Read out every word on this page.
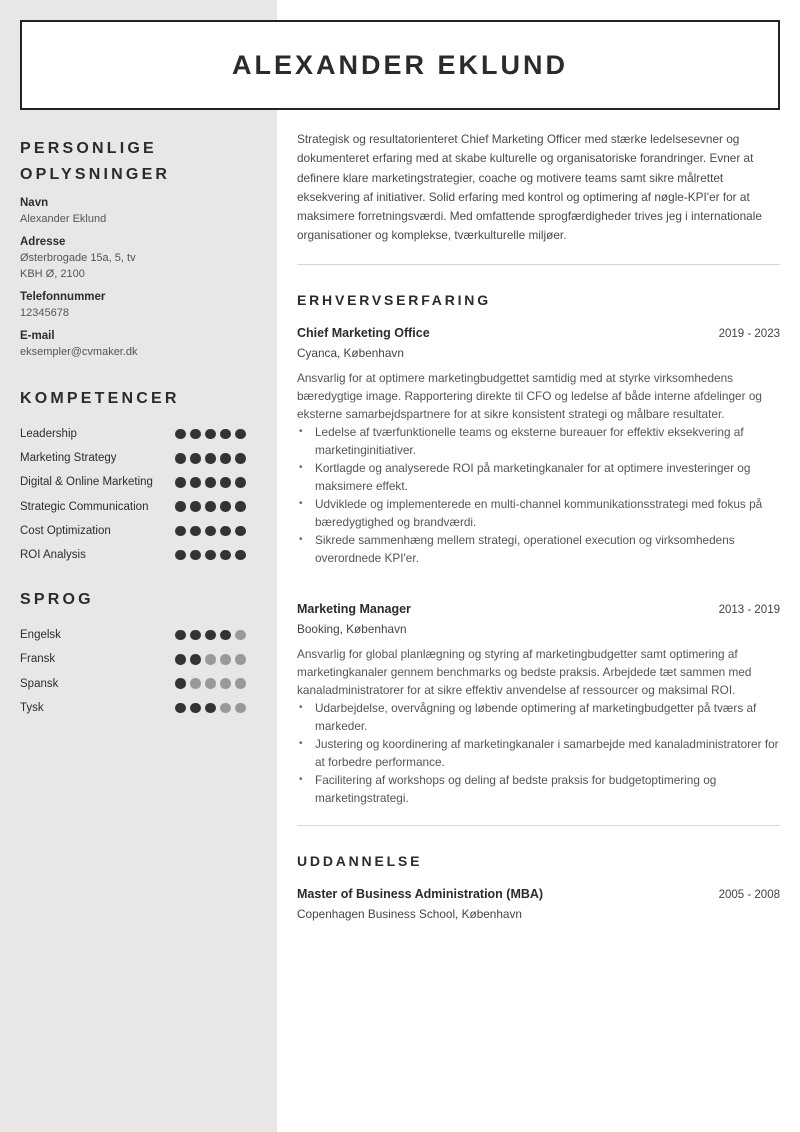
ALEXANDER EKLUND
PERSONLIGE
OPLYSNINGER
Navn
Alexander Eklund
Adresse
Østerbrogade 15a, 5, tv
KBH Ø, 2100
Telefonnummer
12345678
E-mail
eksempler@cvmaker.dk
KOMPETENCER
Leadership
Marketing Strategy
Digital & Online Marketing
Strategic Communication
Cost Optimization
ROI Analysis
SPROG
Engelsk
Fransk
Spansk
Tysk

Strategisk og resultatorienteret Chief Marketing Officer med stærke ledelsesevner og dokumenteret erfaring med at skabe kulturelle og organisatoriske forandringer. Evner at definere klare marketingstrategier, coache og motivere teams samt sikre målrettet eksekvering af initiativer. Solid erfaring med kontrol og optimering af nøgle-KPI'er for at maksimere forretningsværdi. Med omfattende sprogfærdigheder trives jeg i internationale organisationer og komplekse, tværkulturelle miljøer.

ERHVERVSERFARING
Chief Marketing Office	2019 - 2023
Cyanca, København

Ansvarlig for at optimere marketingbudgettet samtidig med at styrke virksomhedens bæredygtige image. Rapportering direkte til CFO og ledelse af både interne afdelinger og eksterne samarbejdspartnere for at sikre konsistent strategi og målbare resultater.

• Ledelse af tværfunktionelle teams og eksterne bureauer for effektiv eksekvering af marketinginitiativer.
• Kortlagde og analyserede ROI på marketingkanaler for at optimere investeringer og maksimere effekt.
• Udviklede og implementerede en multi-channel kommunikationsstrategi med fokus på bæredygtighed og brandværdi.
• Sikrede sammenhæng mellem strategi, operationel execution og virksomhedens overordnede KPI'er.
Marketing Manager	2013 - 2019
Booking, København

Ansvarlig for global planlægning og styring af marketingbudgetter samt optimering af marketingkanaler gennem benchmarks og bedste praksis. Arbejdede tæt sammen med kanaladministratorer for at sikre effektiv anvendelse af ressourcer og maksimal ROI.

• Udarbejdelse, overvågning og løbende optimering af marketingbudgetter på tværs af markeder.
• Justering og koordinering af marketingkanaler i samarbejde med kanaladministratorer for at forbedre performance.
• Facilitering af workshops og deling af bedste praksis for budgetoptimering og marketingstrategi.
UDDANNELSE
Master of Business Administration (MBA)	2005 - 2008
Copenhagen Business School, København
